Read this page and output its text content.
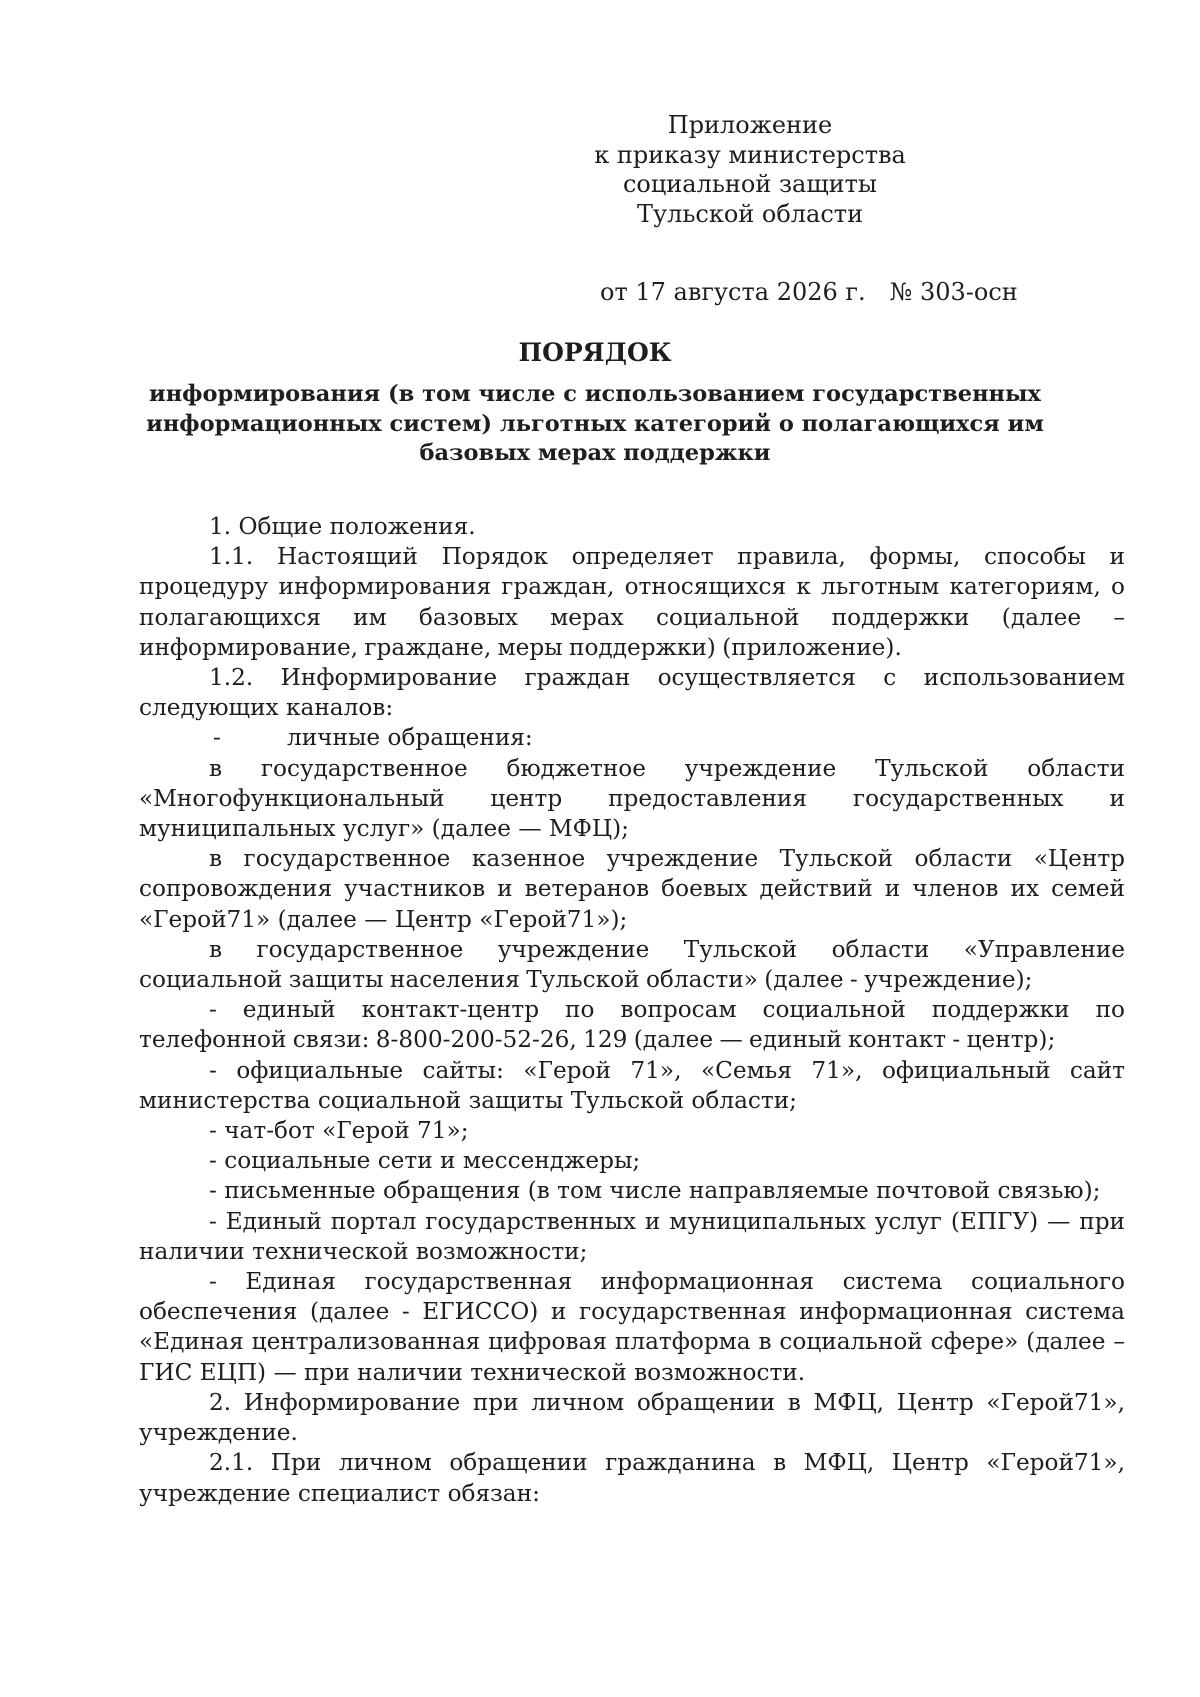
Приложение
к приказу министерства
социальной защиты
Тульской области
от 17 августа 2026 г. № 303-осн
ПОРЯДОК
информирования (в том числе с использованием государственных
информационных систем) льготных категорий о полагающихся им
базовых мерах поддержки

1. Общие положения.

1.1. Настоящий Порядок определяет правила, формы, способы и процедуру информирования граждан, относящихся к льготным категориям, о полагающихся им базовых мерах социальной поддержки (далее – информирование, граждане, меры поддержки) (приложение).

1.2. Информирование граждан осуществляется с использованием следующих каналов:

-	личные обращения:

в государственное бюджетное учреждение Тульской области «Многофункциональный центр предоставления государственных и муниципальных услуг» (далее — МФЦ);

в государственное казенное учреждение Тульской области «Центр сопровождения участников и ветеранов боевых действий и членов их семей «Герой71» (далее — Центр «Герой71»);

в государственное учреждение Тульской области «Управление социальной защиты населения Тульской области» (далее - учреждение);

- единый контакт-центр по вопросам социальной поддержки по телефонной связи: 8-800-200-52-26, 129 (далее — единый контакт - центр);

- официальные сайты: «Герой 71», «Семья 71», официальный сайт министерства социальной защиты Тульской области;

- чат-бот «Герой 71»;

- социальные сети и мессенджеры;

- письменные обращения (в том числе направляемые почтовой связью);

- Единый портал государственных и муниципальных услуг (ЕПГУ) — при наличии технической возможности;

- Единая государственная информационная система социального обеспечения (далее - ЕГИССО) и государственная информационная система «Единая централизованная цифровая платформа в социальной сфере» (далее – ГИС ЕЦП) — при наличии технической возможности.

2. Информирование при личном обращении в МФЦ, Центр «Герой71», учреждение.

2.1. При личном обращении гражданина в МФЦ, Центр «Герой71», учреждение специалист обязан:
